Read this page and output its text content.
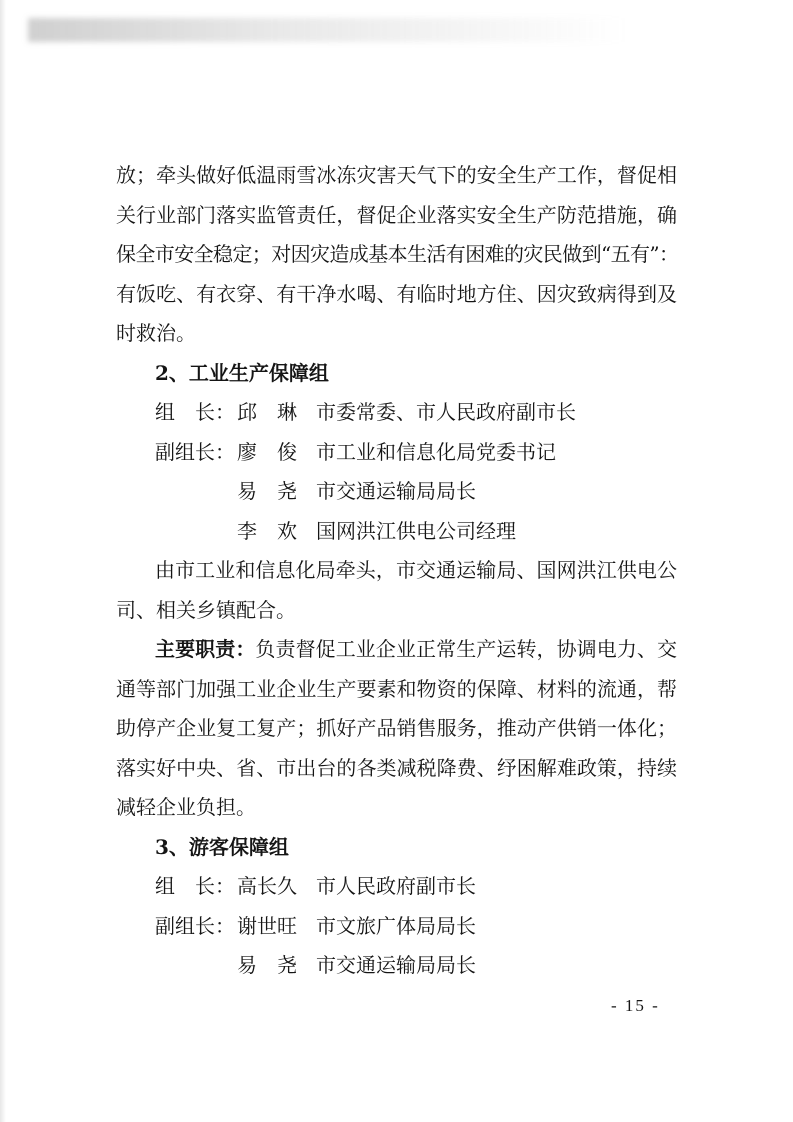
放；牵头做好低温雨雪冰冻灾害天气下的安全生产工作，督促相
关行业部门落实监管责任，督促企业落实安全生产防范措施，确
保全市安全稳定；对因灾造成基本生活有困难的灾民做到“五有”：
有饭吃、有衣穿、有干净水喝、有临时地方住、因灾致病得到及
时救治。
2、工业生产保障组
组　长： 邱　琳 市委常委、市人民政府副市长
副组长： 廖　俊 市工业和信息化局党委书记
易　尧 市交通运输局局长
李　欢 国网洪江供电公司经理
由市工业和信息化局牵头，市交通运输局、国网洪江供电公
司、相关乡镇配合。
主要职责：负责督促工业企业正常生产运转，协调电力、交
通等部门加强工业企业生产要素和物资的保障、材料的流通，帮
助停产企业复工复产；抓好产品销售服务，推动产供销一体化；
落实好中央、省、市出台的各类减税降费、纾困解难政策，持续
减轻企业负担。
3、游客保障组
组　长： 高长久 市人民政府副市长
副组长： 谢世旺 市文旅广体局局长
易　尧 市交通运输局局长
- 15 -
